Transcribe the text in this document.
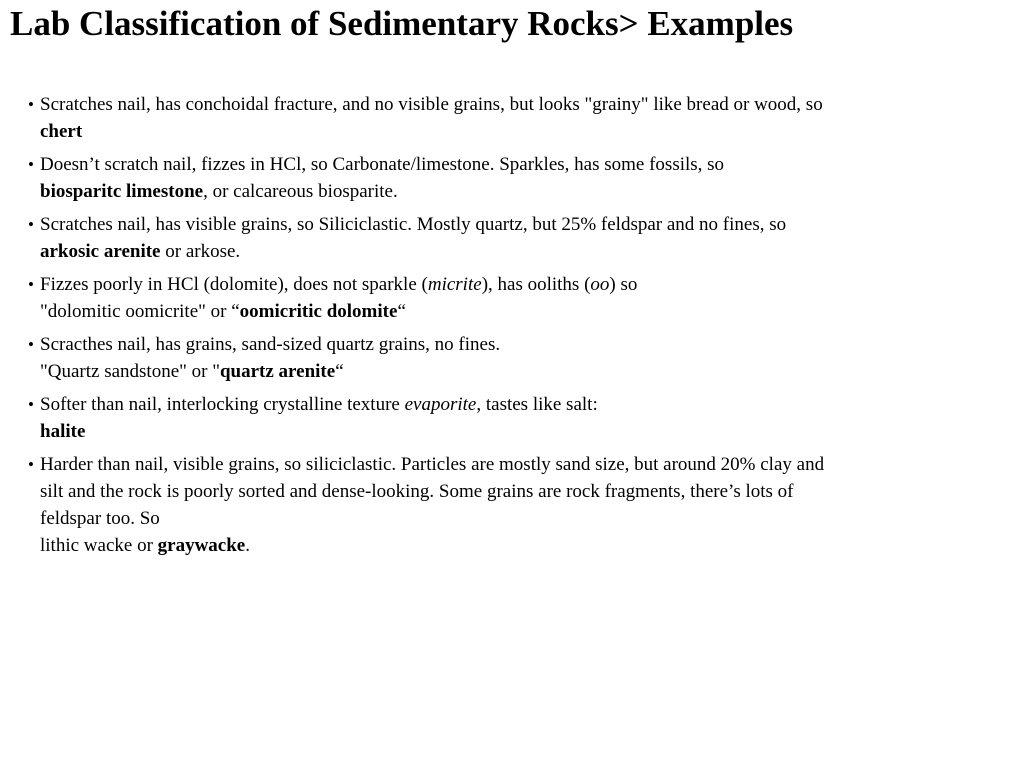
Lab Classification of Sedimentary Rocks> Examples
• Scratches nail, has conchoidal fracture, and no visible grains, but looks "grainy" like bread or wood, so
chert
• Doesn’t scratch nail, fizzes in HCl, so Carbonate/limestone. Sparkles, has some fossils, so
biosparitc limestone, or calcareous biosparite.
• Scratches nail, has visible grains, so Siliciclastic. Mostly quartz, but 25% feldspar and no fines, so
arkosic arenite or arkose.
• Fizzes poorly in HCl (dolomite), does not sparkle (micrite), has ooliths (oo) so
"dolomitic oomicrite" or “oomicritic dolomite“
• Scracthes nail, has grains, sand-sized quartz grains, no fines.
"Quartz sandstone" or "quartz arenite“
• Softer than nail, interlocking crystalline texture evaporite, tastes like salt:
halite
• Harder than nail, visible grains, so siliciclastic. Particles are mostly sand size, but around 20% clay and
silt and the rock is poorly sorted and dense-looking. Some grains are rock fragments, there’s lots of
feldspar too. So
lithic wacke or graywacke.
